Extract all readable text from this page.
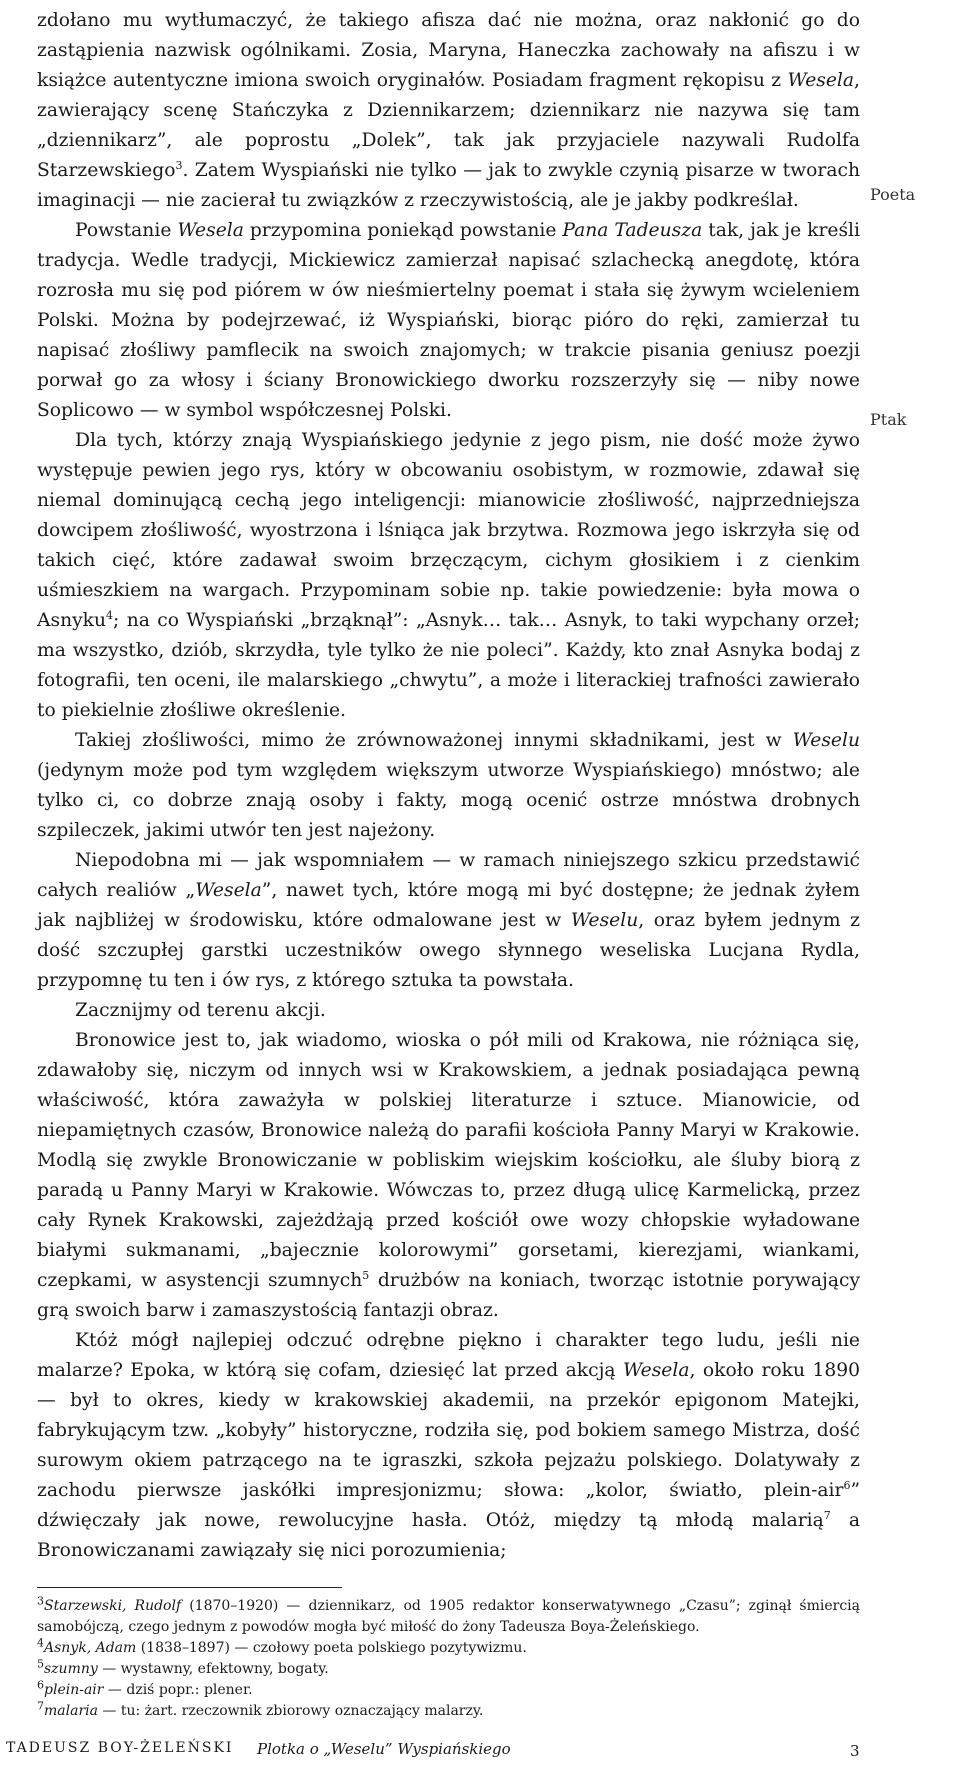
zdołano mu wytłumaczyć, że takiego afisza dać nie można, oraz nakłonić go do zastąpienia nazwisk ogólnikami. Zosia, Maryna, Haneczka zachowały na afiszu i w książce autentyczne imiona swoich oryginałów. Posiadam fragment rękopisu z Wesela, zawierający scenę Stańczyka z Dziennikarzem; dziennikarz nie nazywa się tam „dziennikarz”, ale poprostu „Dolek”, tak jak przyjaciele nazywali Rudolfa Starzewskiego$^3$. Zatem Wyspiański nie tylko — jak to zwykle czynią pisarze w tworach imaginacji — nie zacierał tu związków z rzeczywistością, ale je jakby podkreślał.

Powstanie Wesela przypomina poniekąd powstanie Pana Tadeusza tak, jak je kreśli tradycja. Wedle tradycji, Mickiewicz zamierzał napisać szlachecką anegdotę, która rozrosła mu się pod piórem w ów nieśmiertelny poemat i stała się żywym wcieleniem Polski. Można by podejrzewać, iż Wyspiański, biorąc pióro do ręki, zamierzał tu napisać złośliwy pamflecik na swoich znajomych; w trakcie pisania geniusz poezji porwał go za włosy i ściany Bronowickiego dworku rozszerzyły się — niby nowe Soplicowo — w symbol współczesnej Polski.

Dla tych, którzy znają Wyspiańskiego jedynie z jego pism, nie dość może żywo występuje pewien jego rys, który w obcowaniu osobistym, w rozmowie, zdawał się niemal dominującą cechą jego inteligencji: mianowicie złośliwość, najprzedniejsza dowcipem złośliwość, wyostrzona i lśniąca jak brzytwa. Rozmowa jego iskrzyła się od takich cięć, które zadawał swoim brzęczącym, cichym głosikiem i z cienkim uśmieszkiem na wargach. Przypominam sobie np. takie powiedzenie: była mowa o Asnyku$^4$; na co Wyspiański „brząknął”: „Asnyk… tak… Asnyk, to taki wypchany orzeł; ma wszystko, dziób, skrzydła, tyle tylko że nie poleci”. Każdy, kto znał Asnyka bodaj z fotografii, ten oceni, ile malarskiego „chwytu”, a może i literackiej trafności zawierało to piekielnie złośliwe określenie.

Takiej złośliwości, mimo że zrównoważonej innymi składnikami, jest w Weselu (jedynym może pod tym względem większym utworze Wyspiańskiego) mnóstwo; ale tylko ci, co dobrze znają osoby i fakty, mogą ocenić ostrze mnóstwa drobnych szpileczek, jakimi utwór ten jest najeżony.

Niepodobna mi — jak wspomniałem — w ramach niniejszego szkicu przedstawić całych realiów „Wesela”, nawet tych, które mogą mi być dostępne; że jednak żyłem jak najbliżej w środowisku, które odmalowane jest w Weselu, oraz byłem jednym z dość szczupłej garstki uczestników owego słynnego weseliska Lucjana Rydla, przypomnę tu ten i ów rys, z którego sztuka ta powstała.

Zacznijmy od terenu akcji.

Bronowice jest to, jak wiadomo, wioska o pół mili od Krakowa, nie różniąca się, zdawałoby się, niczym od innych wsi w Krakowskiem, a jednak posiadająca pewną właściwość, która zaważyła w polskiej literaturze i sztuce. Mianowicie, od niepamiętnych czasów, Bronowice należą do parafii kościoła Panny Maryi w Krakowie. Modlą się zwykle Bronowiczanie w pobliskim wiejskim kościołku, ale śluby biorą z paradą u Panny Maryi w Krakowie. Wówczas to, przez długą ulicę Karmelicką, przez cały Rynek Krakowski, zajeżdżają przed kościół owe wozy chłopskie wyładowane białymi sukmanami, „bajecznie kolorowymi” gorsetami, kierezjami, wiankami, czepkami, w asystencji szumnych$^5$ drużbów na koniach, tworząc istotnie porywający grą swoich barw i zamaszystością fantazji obraz.

Któż mógł najlepiej odczuć odrębne piękno i charakter tego ludu, jeśli nie malarze? Epoka, w którą się cofam, dziesięć lat przed akcją Wesela, około roku 1890 — był to okres, kiedy w krakowskiej akademii, na przekór epigonom Matejki, fabrykującym tzw. „kobyły” historyczne, rodziła się, pod bokiem samego Mistrza, dość surowym okiem patrzącego na te igraszki, szkoła pejzażu polskiego. Dolatywały z zachodu pierwsze jaskółki impresjonizmu; słowa: „kolor, światło, plein-air$^6$” dźwięczały jak nowe, rewolucyjne hasła. Otóż, między tą młodą malarią$^7$ a Bronowiczanami zawiązały się nici porozumienia;

Poeta
Ptak

$^3$Starzewski, Rudolf (1870–1920) — dziennikarz, od 1905 redaktor konserwatywnego „Czasu”; zginął śmiercią samobójczą, czego jednym z powodów mogła być miłość do żony Tadeusza Boya-Żeleńskiego.

$^4$Asnyk, Adam (1838–1897) — czołowy poeta polskiego pozytywizmu.

$^5$szumny — wystawny, efektowny, bogaty.

$^6$plein-air — dziś popr.: plener.

$^7$malaria — tu: żart. rzeczownik zbiorowy oznaczający malarzy.

TADEUSZ BOY-ŻELEŃSKI Plotka o „Weselu” Wyspiańskiego	3
